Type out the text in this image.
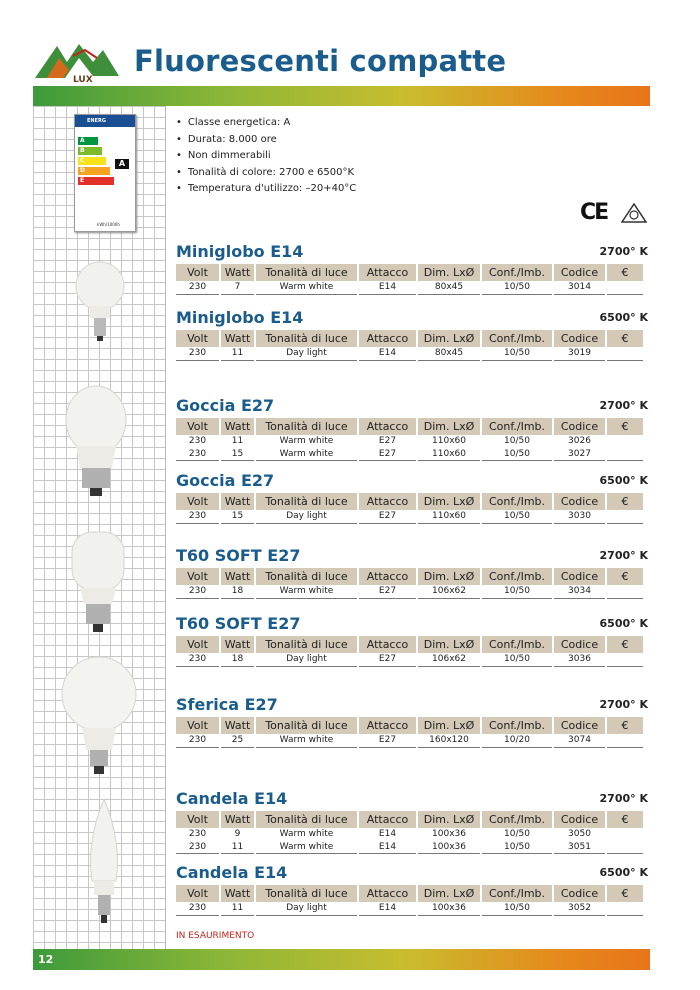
LUX
Fluorescenti compatte
ENERG
A
B
C
D
E
A
kWh/1000h
• Classe energetica: A
• Durata: 8.000 ore
• Non dimmerabili
• Tonalità di colore: 2700 e 6500°K
• Temperatura d'utilizzo: –20+40°C
CE
Miniglobo E14	2700° K
Volt	Watt	Tonalità di luce	Attacco	Dim. LxØ	Conf./Imb.	Codice	€
230	7	Warm white	E14	80x45	10/50	3014	
Miniglobo E14	6500° K
Volt	Watt	Tonalità di luce	Attacco	Dim. LxØ	Conf./Imb.	Codice	€
230	11	Day light	E14	80x45	10/50	3019	
Goccia E27	2700° K
Volt	Watt	Tonalità di luce	Attacco	Dim. LxØ	Conf./Imb.	Codice	€
230	11	Warm white	E27	110x60	10/50	3026	
230	15	Warm white	E27	110x60	10/50	3027	
Goccia E27	6500° K
Volt	Watt	Tonalità di luce	Attacco	Dim. LxØ	Conf./Imb.	Codice	€
230	15	Day light	E27	110x60	10/50	3030	
T60 SOFT E27	2700° K
Volt	Watt	Tonalità di luce	Attacco	Dim. LxØ	Conf./Imb.	Codice	€
230	18	Warm white	E27	106x62	10/50	3034	
T60 SOFT E27	6500° K
Volt	Watt	Tonalità di luce	Attacco	Dim. LxØ	Conf./Imb.	Codice	€
230	18	Day light	E27	106x62	10/50	3036	
Sferica E27	2700° K
Volt	Watt	Tonalità di luce	Attacco	Dim. LxØ	Conf./Imb.	Codice	€
230	25	Warm white	E27	160x120	10/20	3074	
Candela E14	2700° K
Volt	Watt	Tonalità di luce	Attacco	Dim. LxØ	Conf./Imb.	Codice	€
230	9	Warm white	E14	100x36	10/50	3050	
230	11	Warm white	E14	100x36	10/50	3051	
Candela E14	6500° K
Volt	Watt	Tonalità di luce	Attacco	Dim. LxØ	Conf./Imb.	Codice	€
230	11	Day light	E14	100x36	10/50	3052	
IN ESAURIMENTO
12
